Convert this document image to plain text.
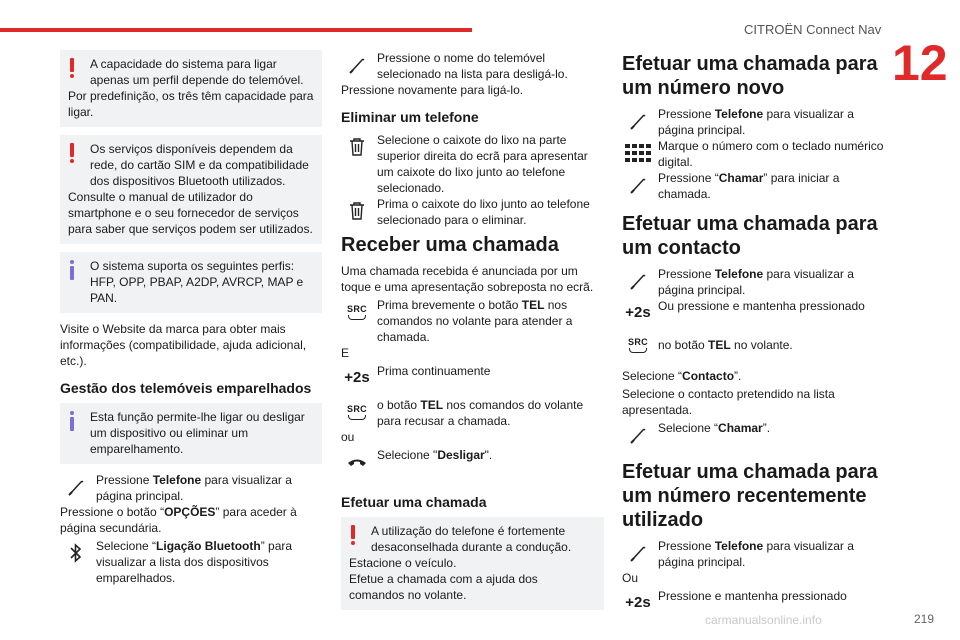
CITROËN Connect Nav
12
A capacidade do sistema para ligar apenas um perfil depende do telemóvel.
Por predefinição, os três têm capacidade para ligar.
Os serviços disponíveis dependem da rede, do cartão SIM e da compatibilidade dos dispositivos Bluetooth utilizados.
Consulte o manual de utilizador do smartphone e o seu fornecedor de serviços para saber que serviços podem ser utilizados.
O sistema suporta os seguintes perfis: HFP, OPP, PBAP, A2DP, AVRCP, MAP e PAN.
Visite o Website da marca para obter mais informações (compatibilidade, ajuda adicional, etc.).
Gestão dos telemóveis emparelhados
Esta função permite-lhe ligar ou desligar um dispositivo ou eliminar um emparelhamento.
Pressione Telefone para visualizar a página principal.
Pressione o botão “OPÇÕES” para aceder à página secundária.
Selecione “Ligação Bluetooth” para visualizar a lista dos dispositivos emparelhados.
Pressione o nome do telemóvel selecionado na lista para desligá-lo.
Pressione novamente para ligá-lo.
Eliminar um telefone
Selecione o caixote do lixo na parte superior direita do ecrã para apresentar um caixote do lixo junto ao telefone selecionado.
Prima o caixote do lixo junto ao telefone selecionado para o eliminar.
Receber uma chamada
Uma chamada recebida é anunciada por um toque e uma apresentação sobreposta no ecrã.
SRC Prima brevemente o botão TEL nos comandos no volante para atender a chamada.
E
+2s Prima continuamente
SRC o botão TEL nos comandos do volante para recusar a chamada.
ou
Selecione "Desligar".
Efetuar uma chamada
A utilização do telefone é fortemente desaconselhada durante a condução.
Estacione o veículo.
Efetue a chamada com a ajuda dos comandos no volante.
Efetuar uma chamada para um número novo
Pressione Telefone para visualizar a página principal.
Marque o número com o teclado numérico digital.
Pressione “Chamar” para iniciar a chamada.
Efetuar uma chamada para um contacto
Pressione Telefone para visualizar a página principal.
+2s Ou pressione e mantenha pressionado
SRC no botão TEL no volante.
Selecione “Contacto”.
Selecione o contacto pretendido na lista apresentada.
Selecione “Chamar”.
Efetuar uma chamada para um número recentemente utilizado
Pressione Telefone para visualizar a página principal.
Ou
+2s Pressione e mantenha pressionado
carmanualsonline.info	219
